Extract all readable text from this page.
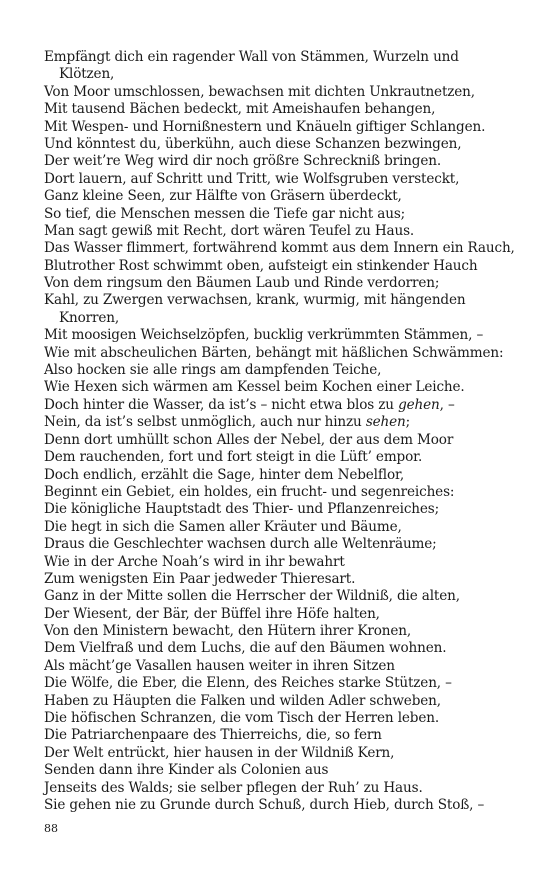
Empfängt dich ein ragender Wall von Stämmen, Wurzeln und
Klötzen,
Von Moor umschlossen, bewachsen mit dichten Unkrautnetzen,
Mit tausend Bächen bedeckt, mit Ameishaufen behangen,
Mit Wespen- und Hornißnestern und Knäueln giftiger Schlangen.
Und könntest du, überkühn, auch diese Schanzen bezwingen,
Der weit’re Weg wird dir noch größre Schreckniß bringen.
Dort lauern, auf Schritt und Tritt, wie Wolfsgruben versteckt,
Ganz kleine Seen, zur Hälfte von Gräsern überdeckt,
So tief, die Menschen messen die Tiefe gar nicht aus;
Man sagt gewiß mit Recht, dort wären Teufel zu Haus.
Das Wasser flimmert, fortwährend kommt aus dem Innern ein Rauch,
Blutrother Rost schwimmt oben, aufsteigt ein stinkender Hauch
Von dem ringsum den Bäumen Laub und Rinde verdorren;
Kahl, zu Zwergen verwachsen, krank, wurmig, mit hängenden
Knorren,
Mit moosigen Weichselzöpfen, bucklig verkrümmten Stämmen, –
Wie mit abscheulichen Bärten, behängt mit häßlichen Schwämmen:
Also hocken sie alle rings am dampfenden Teiche,
Wie Hexen sich wärmen am Kessel beim Kochen einer Leiche.
Doch hinter die Wasser, da ist’s – nicht etwa blos zu gehen, –
Nein, da ist’s selbst unmöglich, auch nur hinzu sehen;
Denn dort umhüllt schon Alles der Nebel, der aus dem Moor
Dem rauchenden, fort und fort steigt in die Lüft’ empor.
Doch endlich, erzählt die Sage, hinter dem Nebelflor,
Beginnt ein Gebiet, ein holdes, ein frucht- und segenreiches:
Die königliche Hauptstadt des Thier- und Pflanzenreiches;
Die hegt in sich die Samen aller Kräuter und Bäume,
Draus die Geschlechter wachsen durch alle Weltenräume;
Wie in der Arche Noah’s wird in ihr bewahrt
Zum wenigsten Ein Paar jedweder Thieresart.
Ganz in der Mitte sollen die Herrscher der Wildniß, die alten,
Der Wiesent, der Bär, der Büffel ihre Höfe halten,
Von den Ministern bewacht, den Hütern ihrer Kronen,
Dem Vielfraß und dem Luchs, die auf den Bäumen wohnen.
Als mächt’ge Vasallen hausen weiter in ihren Sitzen
Die Wölfe, die Eber, die Elenn, des Reiches starke Stützen, –
Haben zu Häupten die Falken und wilden Adler schweben,
Die höfischen Schranzen, die vom Tisch der Herren leben.
Die Patriarchenpaare des Thierreichs, die, so fern
Der Welt entrückt, hier hausen in der Wildniß Kern,
Senden dann ihre Kinder als Colonien aus
Jenseits des Walds; sie selber pflegen der Ruh’ zu Haus.
Sie gehen nie zu Grunde durch Schuß, durch Hieb, durch Stoß, –
88
